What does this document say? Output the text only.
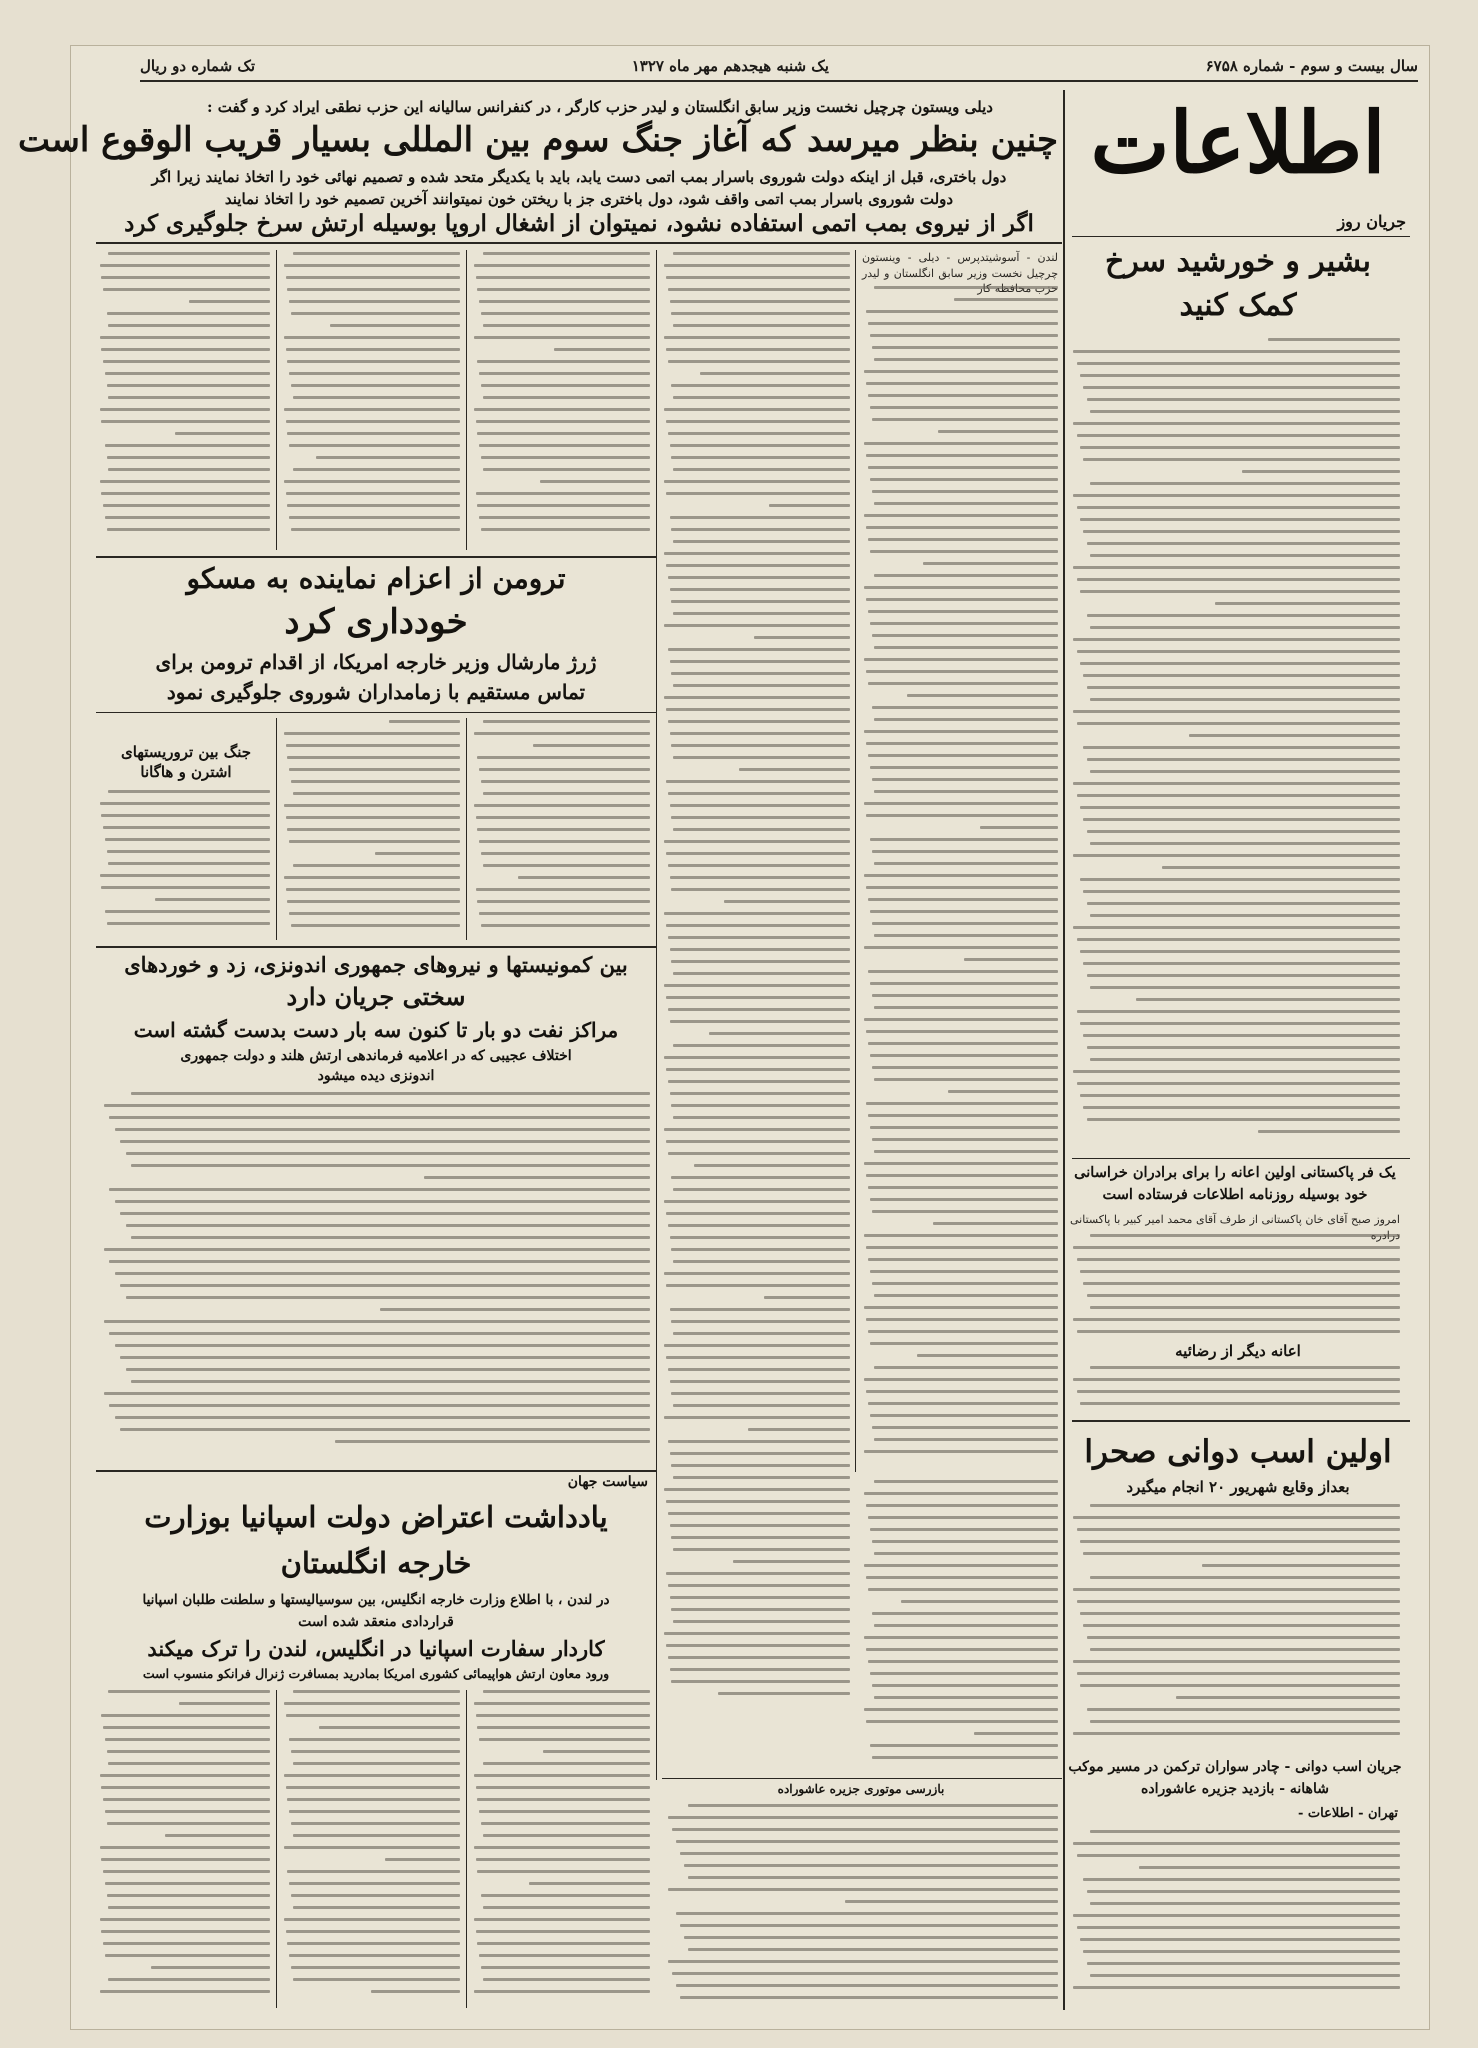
سال بیست و سوم - شماره ۶۷۵۸
یک شنبه هیجدهم مهر ماه ۱۳۲۷
تک شماره دو ریال
اطلاعات
جریان روز
بشیر و خورشید سرخ
کمک کنید
یک فر پاکستانی اولین اعانه را برای برادران خراسانی خود بوسیله روزنامه اطلاعات فرستاده است
امروز صبح آقای خان پاکستانی از طرف آقای محمد امیر کبیر با پاکستانی
اعانه دیگر از رضائیه
اولین اسب دوانی صحرا
بعداز وقایع شهریور ۲۰ انجام میگیرد
جریان اسب دوانی - چادر سواران ترکمن در مسیر موکب شاهانه - بازدید جزیره عاشوراده
تهران - اطلاعات -
دیلی ویستون چرچیل نخست وزیر سابق انگلستان و لیدر حزب کارگر ، در کنفرانس سالیانه این حزب نطقی ایراد کرد و گفت :
چنین بنظر میرسد که آغاز جنگ سوم بین المللی بسیار قریب الوقوع است
دول باختری، قبل از اینکه دولت شوروی باسرار بمب اتمی دست یابد، باید با یکدیگر متحد شده و تصمیم نهائی خود را اتخاذ نمایند زیرا اگر
دولت شوروی باسرار بمب اتمی واقف شود، دول باختری جز با ریختن خون نمیتوانند آخرین تصمیم خود را اتخاذ نمایند
اگر از نیروی بمب اتمی استفاده نشود، نمیتوان از اشغال اروپا بوسیله ارتش سرخ جلوگیری کرد
لندن - آسوشیتدپرس - دیلی - وینستون چرچیل نخست وزیر سابق انگلستان و لیدر
ترومن از اعزام نماینده به مسکو
خودداری کرد
ژرژ مارشال وزیر خارجه امریکا، از اقدام ترومن برای
تماس مستقیم با زمامداران شوروی جلوگیری نمود
جنگ بین تروریستهای اشترن و هاگانا
بین کمونیستها و نیروهای جمهوری اندونزی، زد و خوردهای
سختی جریان دارد
مراکز نفت دو بار تا کنون سه بار دست بدست گشته است
اختلاف عجیبی که در اعلامیه فرماندهی ارتش هلند و دولت جمهوری
اندونزی دیده میشود
سیاست جهان
یادداشت اعتراض دولت اسپانیا بوزارت
خارجه انگلستان
در لندن ، با اطلاع وزارت خارجه انگلیس، بین سوسیالیستها و سلطنت طلبان اسپانیا
قراردادی منعقد شده است
کاردار سفارت اسپانیا در انگلیس، لندن را ترک میکند
ورود معاون ارتش هواپیمائی کشوری امریکا بمادرید بمسافرت ژنرال فرانکو منسوب است
بازرسی موتوری جزیره عاشوراده
